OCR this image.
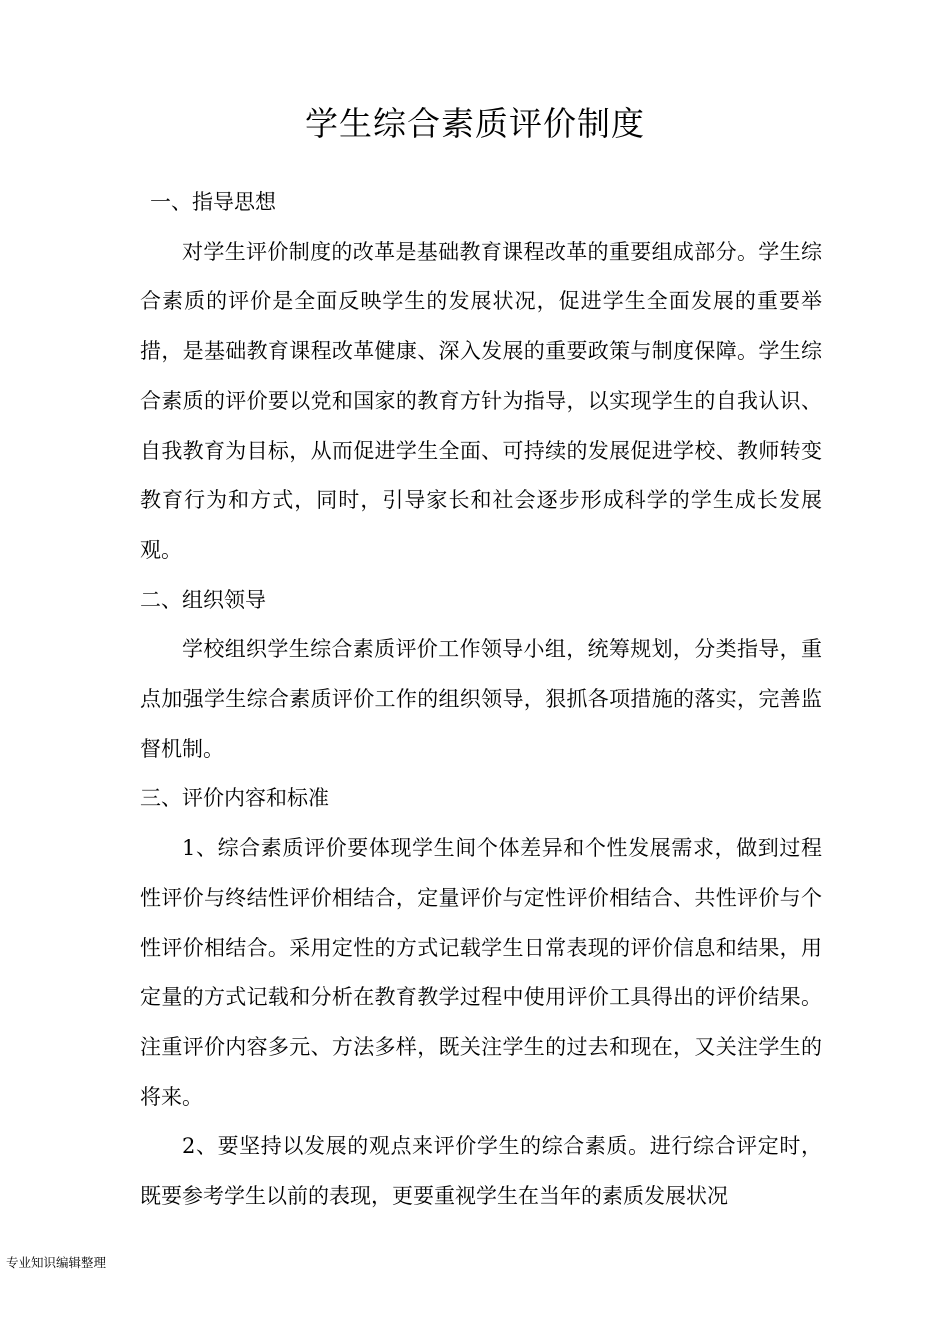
学生综合素质评价制度
一、指导思想

对学生评价制度的改革是基础教育课程改革的重要组成部分。学生综合素质的评价是全面反映学生的发展状况，促进学生全面发展的重要举措，是基础教育课程改革健康、深入发展的重要政策与制度保障。学生综合素质的评价要以党和国家的教育方针为指导，以实现学生的自我认识、自我教育为目标，从而促进学生全面、可持续的发展促进学校、教师转变教育行为和方式，同时，引导家长和社会逐步形成科学的学生成长发展观。

二、组织领导

学校组织学生综合素质评价工作领导小组，统筹规划，分类指导，重点加强学生综合素质评价工作的组织领导，狠抓各项措施的落实，完善监督机制。

三、评价内容和标准

1、综合素质评价要体现学生间个体差异和个性发展需求，做到过程性评价与终结性评价相结合，定量评价与定性评价相结合、共性评价与个性评价相结合。采用定性的方式记载学生日常表现的评价信息和结果，用定量的方式记载和分析在教育教学过程中使用评价工具得出的评价结果。注重评价内容多元、方法多样，既关注学生的过去和现在，又关注学生的将来。

2、要坚持以发展的观点来评价学生的综合素质。进行综合评定时，既要参考学生以前的表现，更要重视学生在当年的素质发展状况

专业知识编辑整理
